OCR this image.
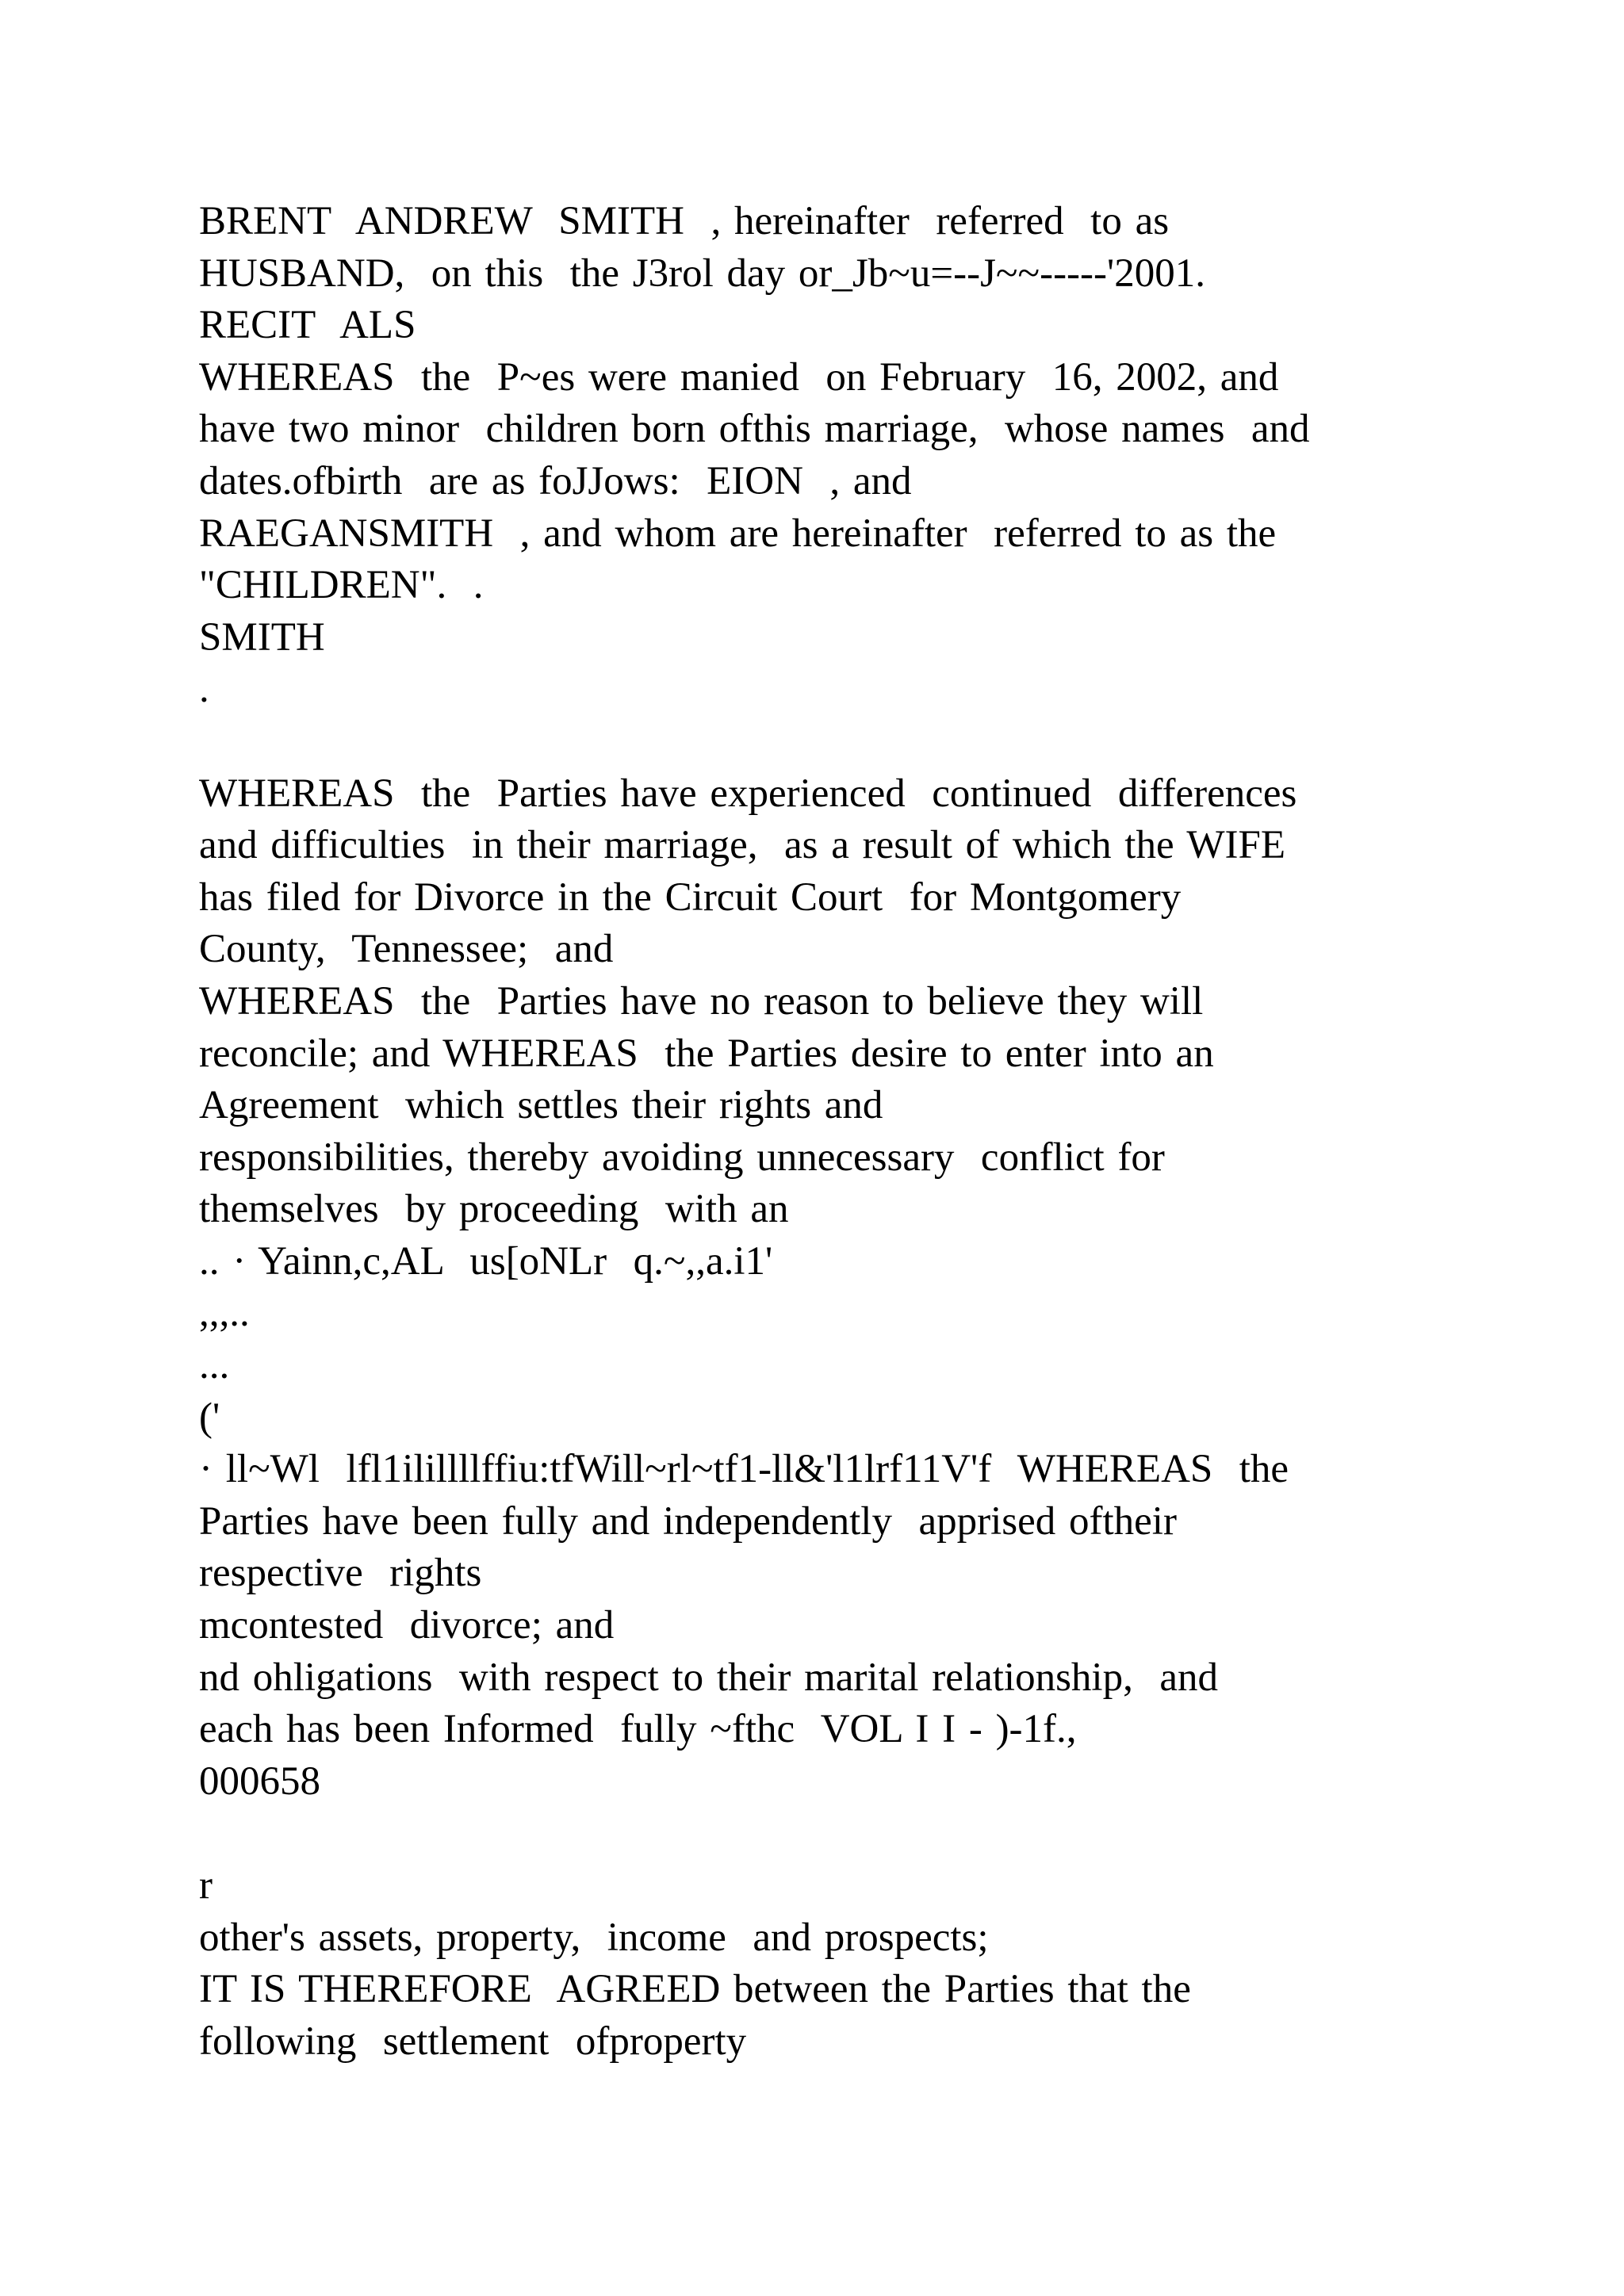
BRENT  ANDREW  SMITH  , hereinafter  referred  to as
HUSBAND,  on this  the J3rol day or_Jb~u=--J~~-----'2001.
RECIT  ALS
WHEREAS  the  P~es were manied  on February  16, 2002, and
have two minor  children born ofthis marriage,  whose names  and
dates.ofbirth  are as foJJows:  EION  , and
RAEGANSMITH  , and whom are hereinafter  referred to as the
"CHILDREN".  .
SMITH
.
WHEREAS  the  Parties have experienced  continued  differences
and difficulties  in their marriage,  as a result of which the WIFE
has filed for Divorce in the Circuit Court  for Montgomery
County,  Tennessee;  and
WHEREAS  the  Parties have no reason to believe they will
reconcile; and WHEREAS  the Parties desire to enter into an
Agreement  which settles their rights and
responsibilities, thereby avoiding unnecessary  conflict for
themselves  by proceeding  with an
.. · Yainn,c,AL  us[oNLr  q.~,,a.i1'
,,,..
...
('
· ll~Wl  lfl1ilillllffiu:tfWill~rl~tf1-ll&'l1lrf11V'f  WHEREAS  the
Parties have been fully and independently  apprised oftheir
respective  rights
mcontested  divorce; and
nd ohligations  with respect to their marital relationship,  and
each has been Informed  fully ~fthc  VOL I I - )-1f.,
000658
r
other's assets, property,  income  and prospects;
IT IS THEREFORE  AGREED between the Parties that the
following  settlement  ofproperty
